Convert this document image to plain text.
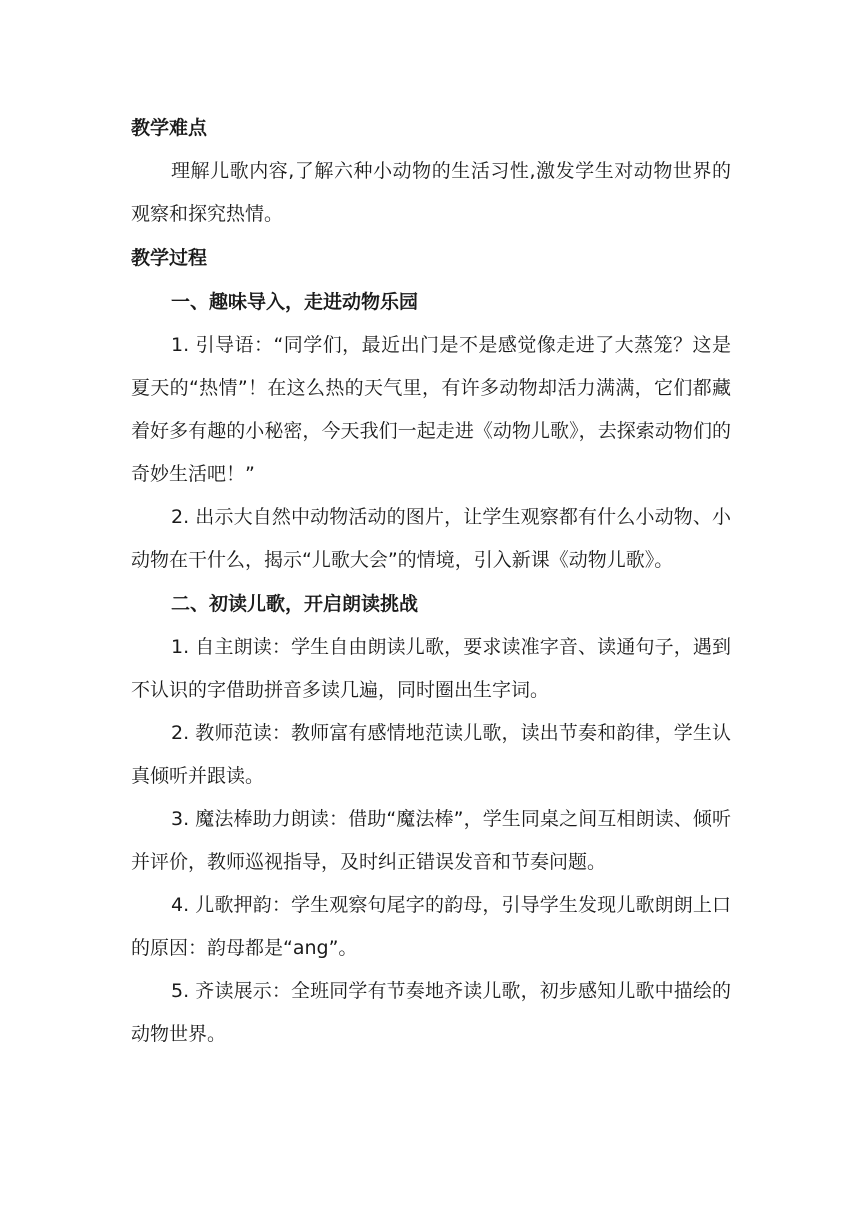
教学难点

理解儿歌内容,了解六种小动物的生活习性,激发学生对动物世界的观察和探究热情。

教学过程

一、趣味导入，走进动物乐园

1. 引导语：“同学们，最近出门是不是感觉像走进了大蒸笼？这是夏天的“热情”！在这么热的天气里，有许多动物却活力满满，它们都藏着好多有趣的小秘密，今天我们一起走进《动物儿歌》，去探索动物们的奇妙生活吧！”

2. 出示大自然中动物活动的图片，让学生观察都有什么小动物、小动物在干什么，揭示“儿歌大会”的情境，引入新课《动物儿歌》。

二、初读儿歌，开启朗读挑战

1. 自主朗读：学生自由朗读儿歌，要求读准字音、读通句子，遇到不认识的字借助拼音多读几遍，同时圈出生字词。

2. 教师范读：教师富有感情地范读儿歌，读出节奏和韵律，学生认真倾听并跟读。

3. 魔法棒助力朗读：借助“魔法棒”，学生同桌之间互相朗读、倾听并评价，教师巡视指导，及时纠正错误发音和节奏问题。

4. 儿歌押韵：学生观察句尾字的韵母，引导学生发现儿歌朗朗上口的原因：韵母都是“ang”。

5. 齐读展示：全班同学有节奏地齐读儿歌，初步感知儿歌中描绘的动物世界。
